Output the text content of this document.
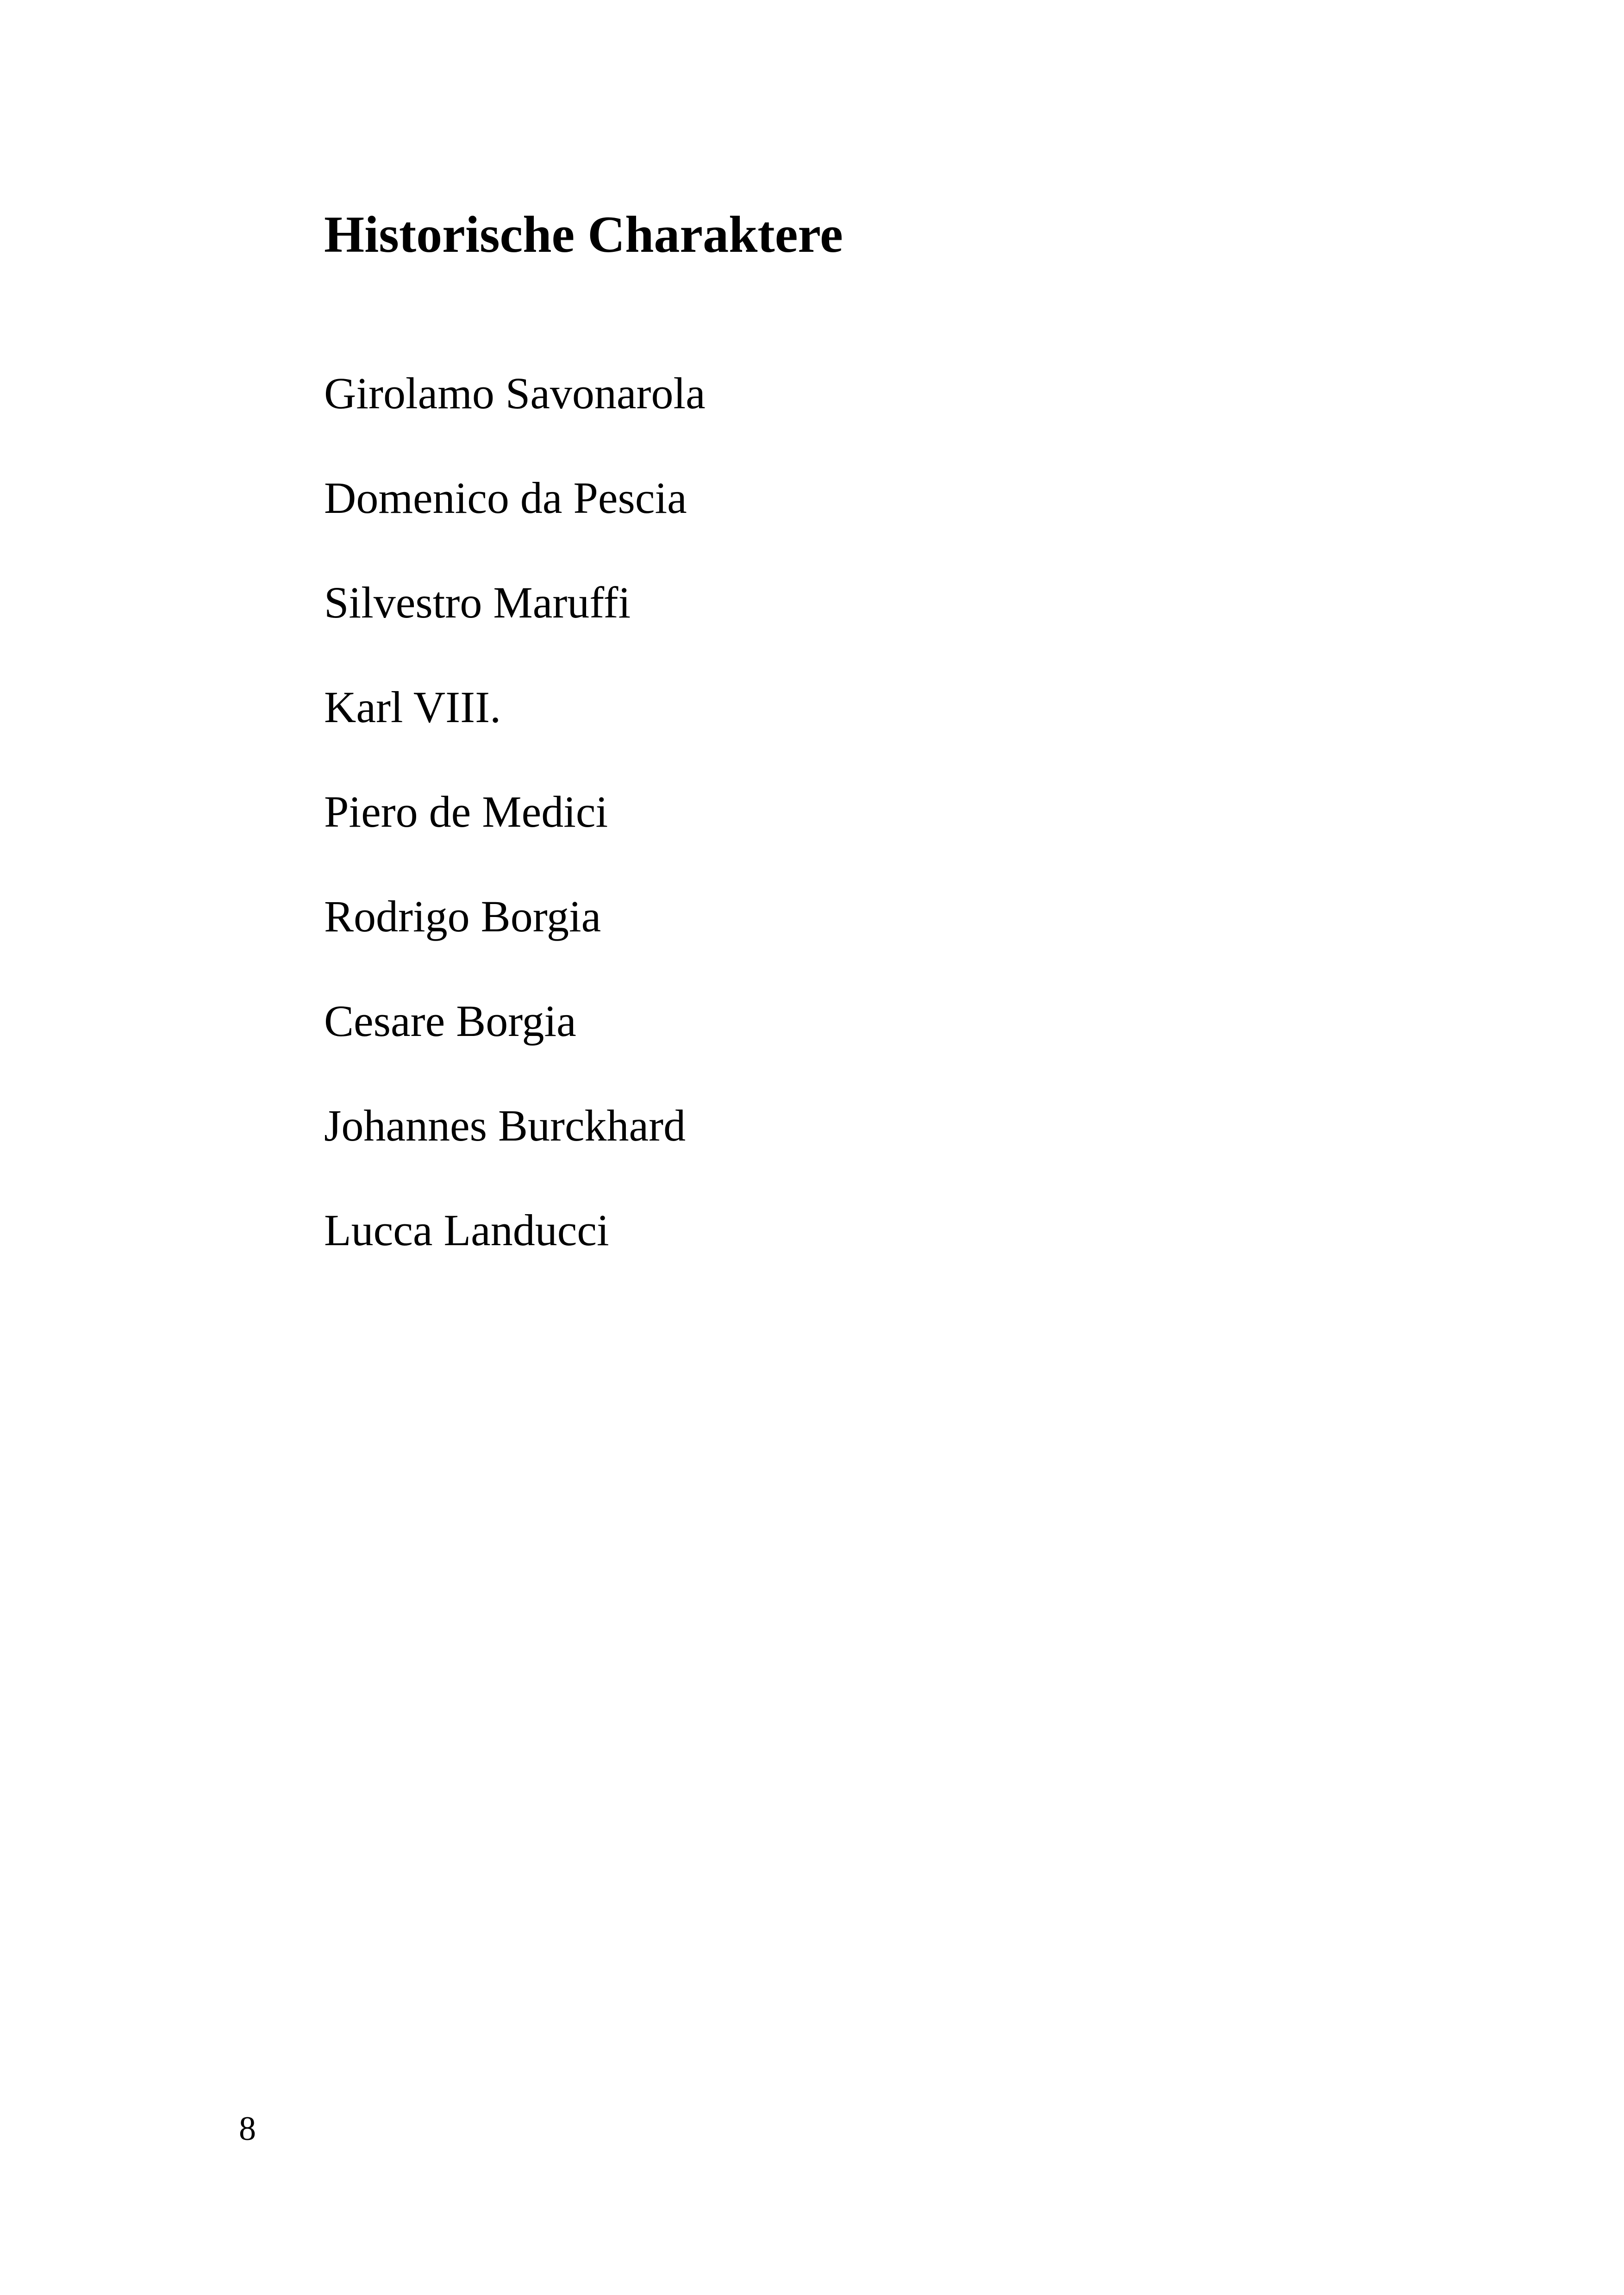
Historische Charaktere
Girolamo Savonarola
Domenico da Pescia
Silvestro Maruffi
Karl VIII.
Piero de Medici
Rodrigo Borgia
Cesare Borgia
Johannes Burckhard
Lucca Landucci
8
